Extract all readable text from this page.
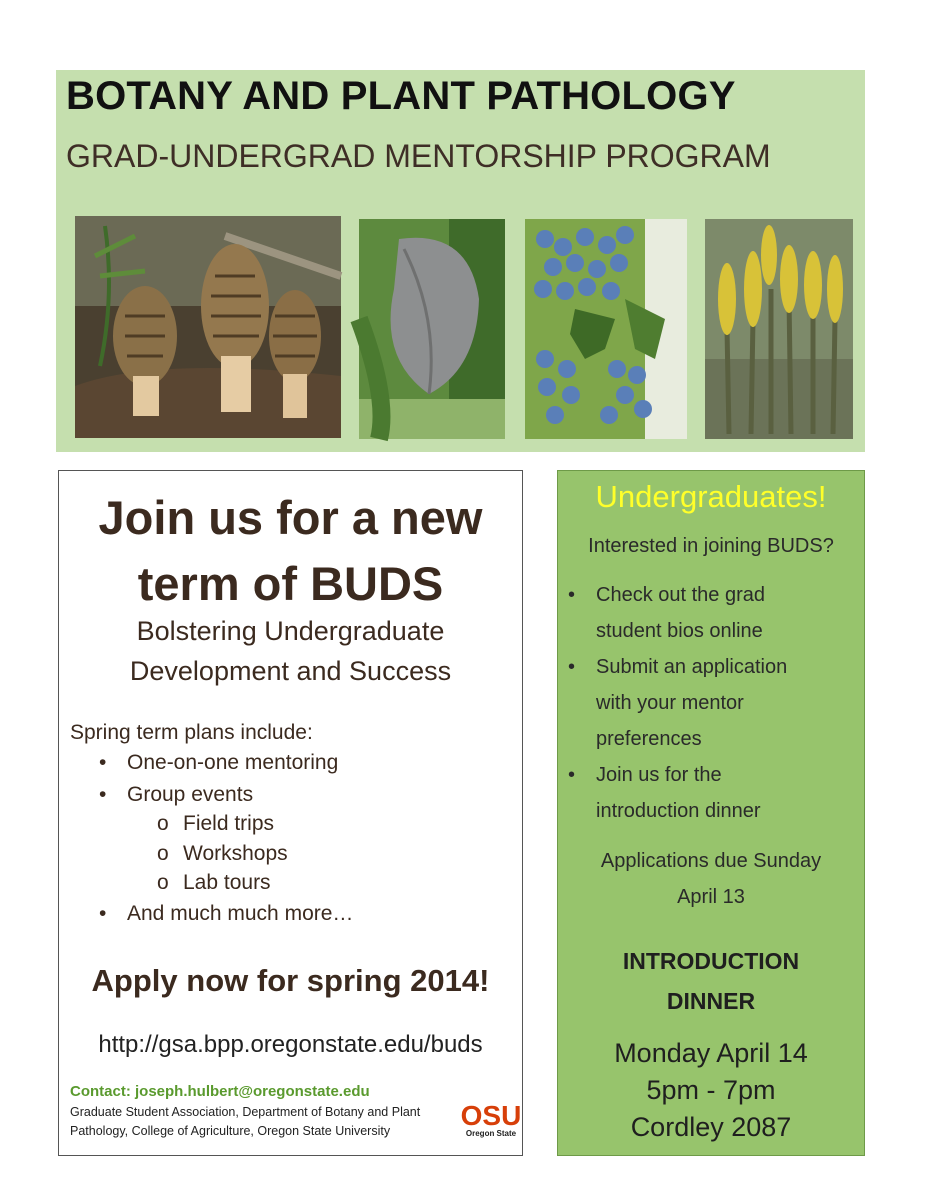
BOTANY AND PLANT PATHOLOGY
GRAD-UNDERGRAD MENTORSHIP PROGRAM
Join us for a new
term of BUDS
Bolstering Undergraduate
Development and Success
Spring term plans include:
• One-on-one mentoring
• Group events
o Field trips
o Workshops
o Lab tours
• And much much more…
Apply now for spring 2014!
http://gsa.bpp.oregonstate.edu/buds
Contact: joseph.hulbert@oregonstate.edu
Graduate Student Association, Department of Botany and Plant Pathology, College of Agriculture, Oregon State University	OSU
Oregon State
Undergraduates!
Interested in joining BUDS?
• Check out the grad
student bios online
• Submit an application
with your mentor
preferences
• Join us for the
introduction dinner
Applications due Sunday
April 13
INTRODUCTION
DINNER
Monday April 14
5pm - 7pm
Cordley 2087
